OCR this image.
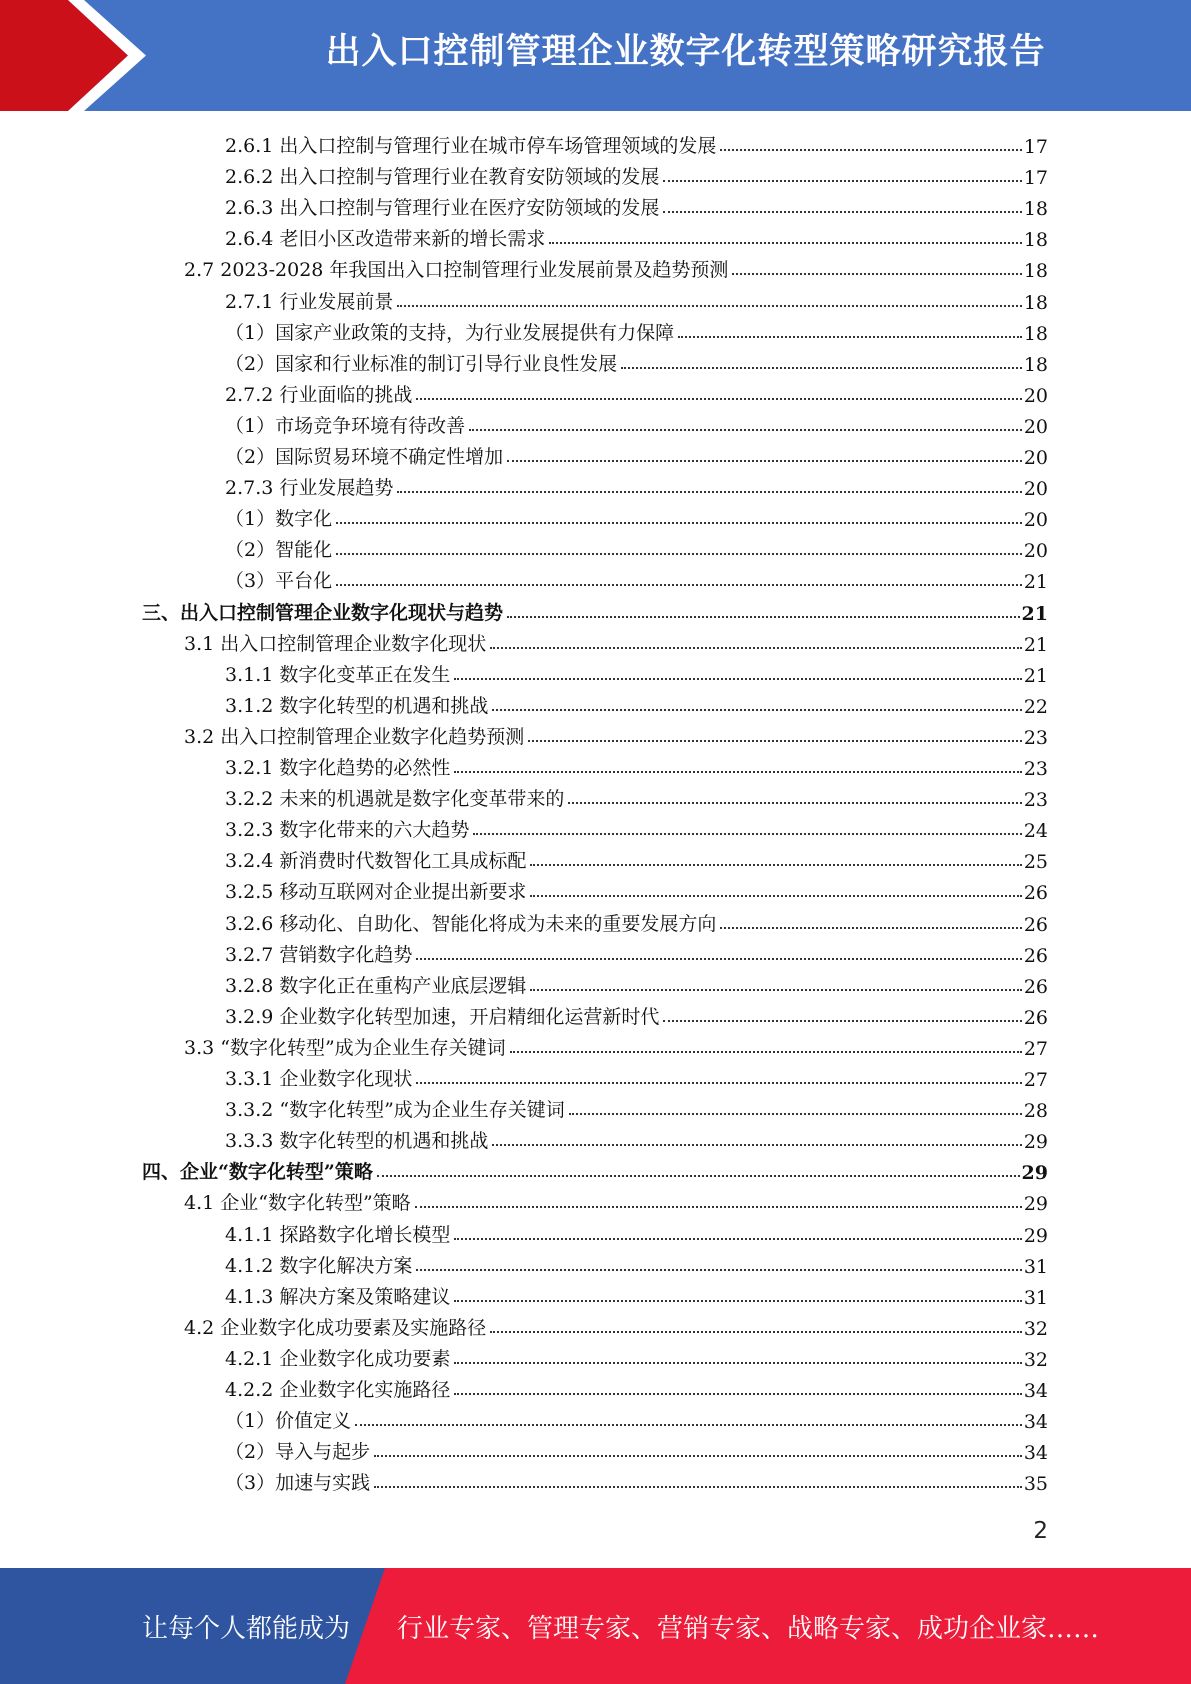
出入口控制管理企业数字化转型策略研究报告
2.6.1 出入口控制与管理行业在城市停车场管理领域的发展	17
2.6.2 出入口控制与管理行业在教育安防领域的发展	17
2.6.3 出入口控制与管理行业在医疗安防领域的发展	18
2.6.4 老旧小区改造带来新的增长需求	18
2.7 2023-2028 年我国出入口控制管理行业发展前景及趋势预测	18
2.7.1 行业发展前景	18
（1）国家产业政策的支持，为行业发展提供有力保障	18
（2）国家和行业标准的制订引导行业良性发展	18
2.7.2 行业面临的挑战	20
（1）市场竞争环境有待改善	20
（2）国际贸易环境不确定性增加	20
2.7.3 行业发展趋势	20
（1）数字化	20
（2）智能化	20
（3）平台化	21
三、出入口控制管理企业数字化现状与趋势	21
3.1 出入口控制管理企业数字化现状	21
3.1.1 数字化变革正在发生	21
3.1.2 数字化转型的机遇和挑战	22
3.2 出入口控制管理企业数字化趋势预测	23
3.2.1 数字化趋势的必然性	23
3.2.2 未来的机遇就是数字化变革带来的	23
3.2.3 数字化带来的六大趋势	24
3.2.4 新消费时代数智化工具成标配	25
3.2.5 移动互联网对企业提出新要求	26
3.2.6 移动化、自助化、智能化将成为未来的重要发展方向	26
3.2.7 营销数字化趋势	26
3.2.8 数字化正在重构产业底层逻辑	26
3.2.9 企业数字化转型加速，开启精细化运营新时代	26
3.3 “数字化转型”成为企业生存关键词	27
3.3.1 企业数字化现状	27
3.3.2 “数字化转型”成为企业生存关键词	28
3.3.3 数字化转型的机遇和挑战	29
四、企业“数字化转型”策略	29
4.1 企业“数字化转型”策略	29
4.1.1 探路数字化增长模型	29
4.1.2 数字化解决方案	31
4.1.3 解决方案及策略建议	31
4.2 企业数字化成功要素及实施路径	32
4.2.1 企业数字化成功要素	32
4.2.2 企业数字化实施路径	34
（1）价值定义	34
（2）导入与起步	34
（3）加速与实践	35
2
让每个人都能成为 行业专家、管理专家、营销专家、战略专家、成功企业家……
